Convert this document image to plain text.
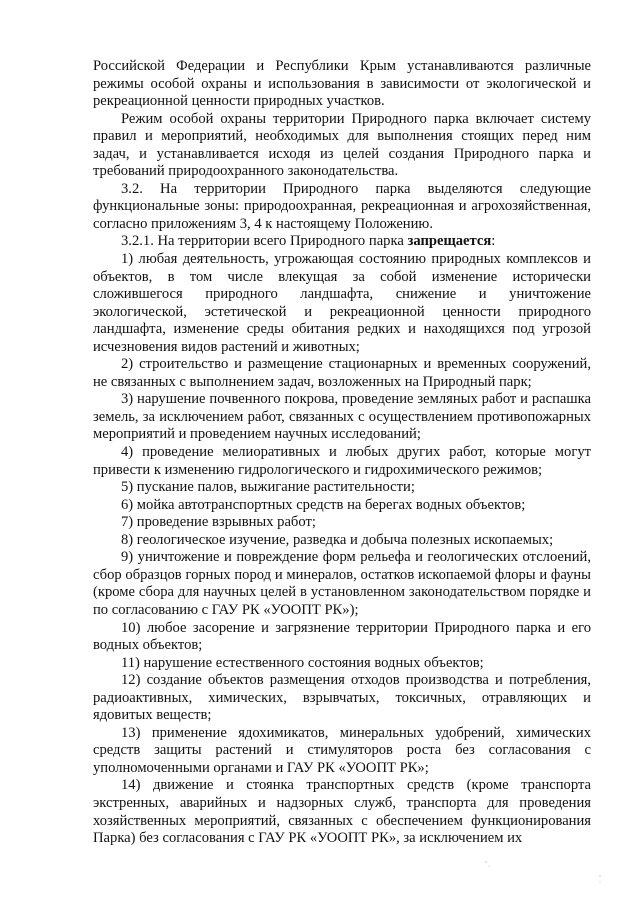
Российской Федерации и Республики Крым устанавливаются различные режимы особой охраны и использования в зависимости от экологической и рекреационной ценности природных участков.

Режим особой охраны территории Природного парка включает систему правил и мероприятий, необходимых для выполнения стоящих перед ним задач, и устанавливается исходя из целей создания Природного парка и требований природоохранного законодательства.

3.2. На территории Природного парка выделяются следующие функциональные зоны: природоохранная, рекреационная и агрохозяйственная, согласно приложениям 3, 4 к настоящему Положению.

3.2.1. На территории всего Природного парка запрещается:

1) любая деятельность, угрожающая состоянию природных комплексов и объектов, в том числе влекущая за собой изменение исторически сложившегося природного ландшафта, снижение и уничтожение экологической, эстетической и рекреационной ценности природного ландшафта, изменение среды обитания редких и находящихся под угрозой исчезновения видов растений и животных;

2) строительство и размещение стационарных и временных сооружений, не связанных с выполнением задач, возложенных на Природный парк;

3) нарушение почвенного покрова, проведение земляных работ и распашка земель, за исключением работ, связанных с осуществлением противопожарных мероприятий и проведением научных исследований;

4) проведение мелиоративных и любых других работ, которые могут привести к изменению гидрологического и гидрохимического режимов;

5) пускание палов, выжигание растительности;

6) мойка автотранспортных средств на берегах водных объектов;

7) проведение взрывных работ;

8) геологическое изучение, разведка и добыча полезных ископаемых;

9) уничтожение и повреждение форм рельефа и геологических отслоений, сбор образцов горных пород и минералов, остатков ископаемой флоры и фауны (кроме сбора для научных целей в установленном законодательством порядке и по согласованию с ГАУ РК «УООПТ РК»);

10) любое засорение и загрязнение территории Природного парка и его водных объектов;

11) нарушение естественного состояния водных объектов;

12) создание объектов размещения отходов производства и потребления, радиоактивных, химических, взрывчатых, токсичных, отравляющих и ядовитых веществ;

13) применение ядохимикатов, минеральных удобрений, химических средств защиты растений и стимуляторов роста без согласования с уполномоченными органами и ГАУ РК «УООПТ РК»;

14) движение и стоянка транспортных средств (кроме транспорта экстренных, аварийных и надзорных служб, транспорта для проведения хозяйственных мероприятий, связанных с обеспечением функционирования Парка) без согласования с ГАУ РК «УООПТ РК», за исключением их
